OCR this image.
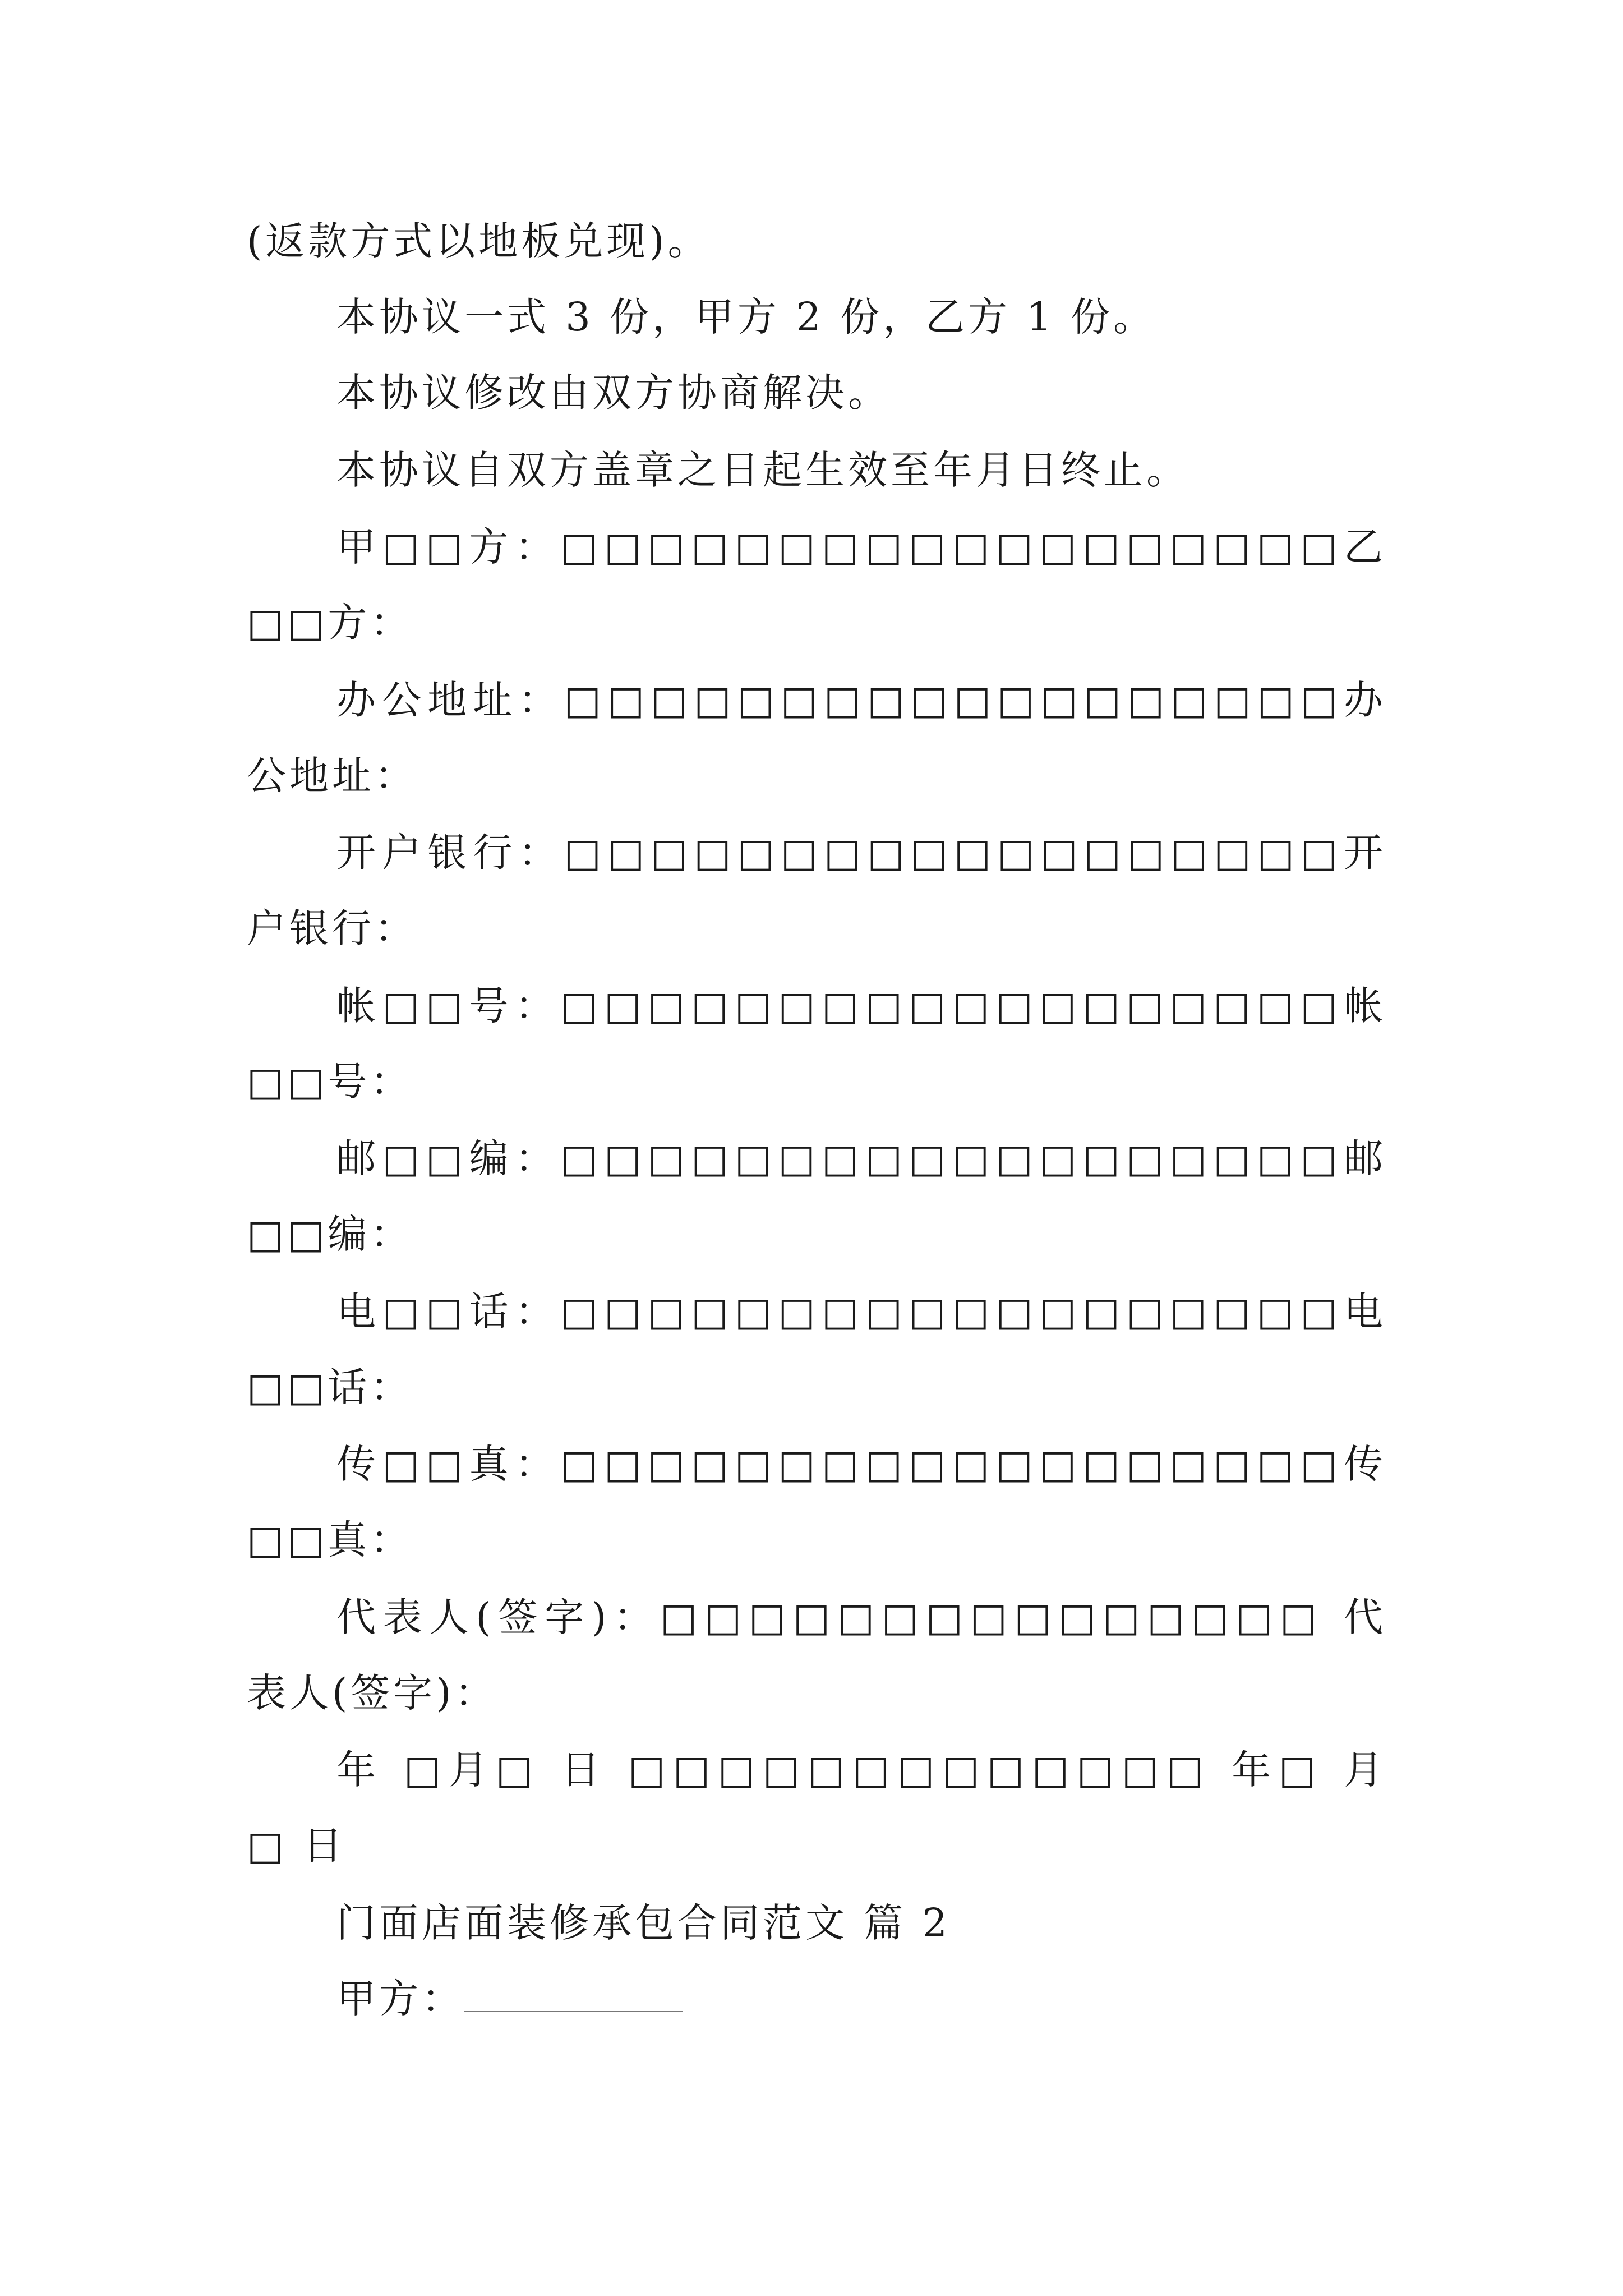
(返款方式以地板兑现)。
本协议一式 3 份，甲方 2 份，乙方 1 份。
本协议修改由双方协商解决。
本协议自双方盖章之日起生效至年月日终止。
甲□□方：□□□□□□□□□□□□□□□□□□乙
□□方：
办公地址：□□□□□□□□□□□□□□□□□□办
公地址：
开户银行：□□□□□□□□□□□□□□□□□□开
户银行：
帐□□号：□□□□□□□□□□□□□□□□□□帐
□□号：
邮□□编：□□□□□□□□□□□□□□□□□□邮
□□编：
电□□话：□□□□□□□□□□□□□□□□□□电
□□话：
传□□真：□□□□□□□□□□□□□□□□□□传
□□真：
代表人(签字)：□□□□□□□□□□□□□□□ 代
表人(签字)：
年 □月□ 日 □□□□□□□□□□□□□ 年□ 月
□ 日
门面店面装修承包合同范文 篇 2
甲方：
